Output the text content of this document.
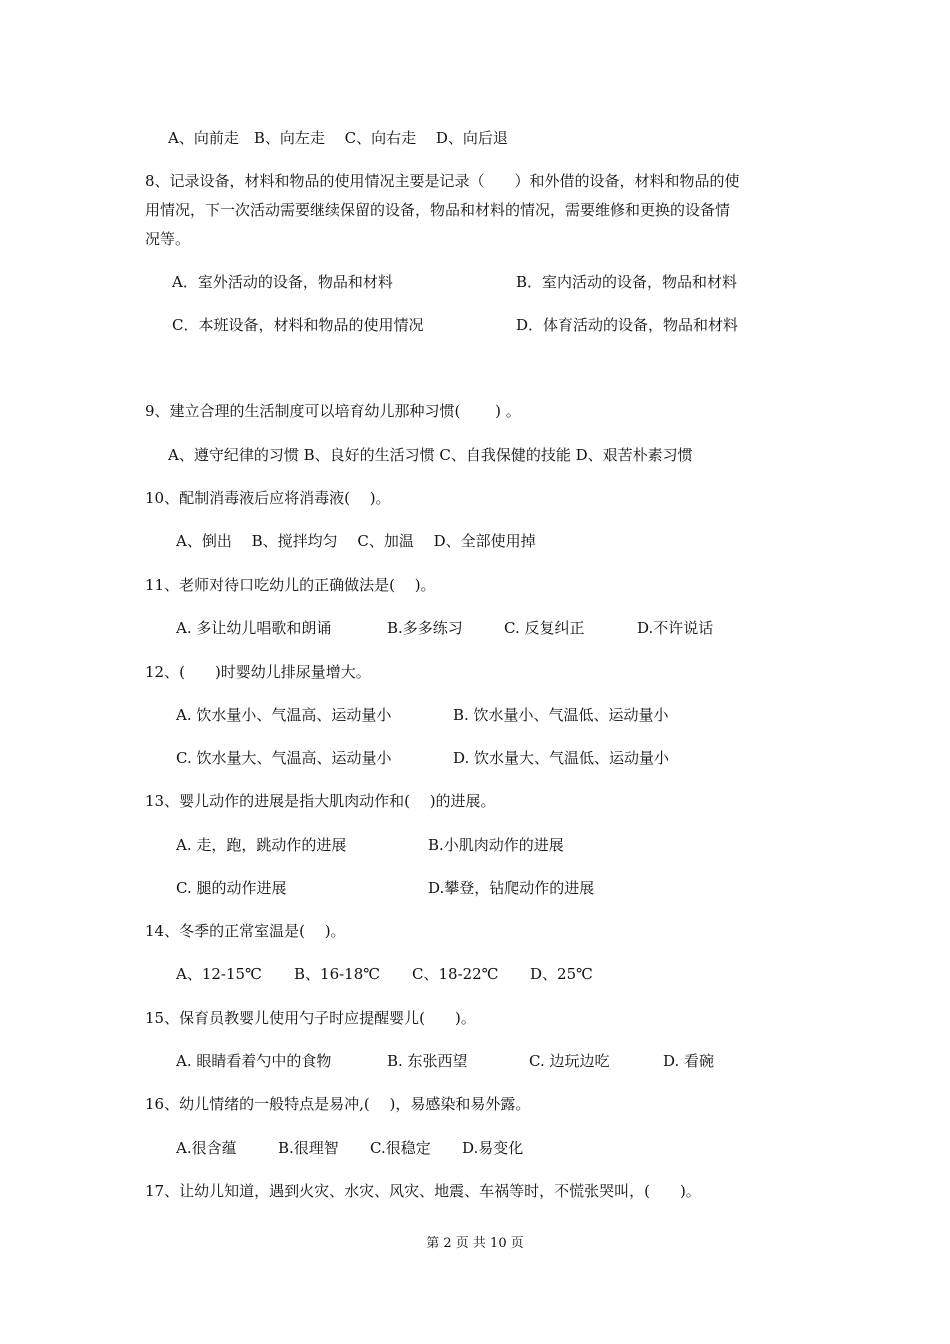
A、向前走　B、向左走　 C、向右走　 D、向后退
8、记录设备，材料和物品的使用情况主要是记录（　　）和外借的设备，材料和物品的使
用情况，下一次活动需要继续保留的设备，物品和材料的情况，需要维修和更换的设备情
况等。
A．室外活动的设备，物品和材料	B．室内活动的设备，物品和材料
C．本班设备，材料和物品的使用情况	D．体育活动的设备，物品和材料
9、建立合理的生活制度可以培育幼儿那种习惯(　　 ) 。
A、遵守纪律的习惯 B、良好的生活习惯 C、自我保健的技能 D、艰苦朴素习惯
10、配制消毒液后应将消毒液(　 )。
A、倒出　 B、搅拌均匀　 C、加温　 D、全部使用掉
11、老师对待口吃幼儿的正确做法是(　 )。
A. 多让幼儿唱歌和朗诵	B.多多练习	C. 反复纠正	D.不许说话
12、(　　)时婴幼儿排尿量增大。
A. 饮水量小、气温高、运动量小	B. 饮水量小、气温低、运动量小
C. 饮水量大、气温高、运动量小	D. 饮水量大、气温低、运动量小
13、婴儿动作的进展是指大肌肉动作和(　 )的进展。
A. 走，跑，跳动作的进展	B.小肌肉动作的进展
C. 腿的动作进展	D.攀登，钻爬动作的进展
14、冬季的正常室温是(　 )。
A、12-15℃ B、16-18℃ C、18-22℃ D、25℃
15、保育员教婴儿使用勺子时应提醒婴儿(　　)。
A. 眼睛看着勺中的食物	B. 东张西望	C. 边玩边吃	D. 看碗
16、幼儿情绪的一般特点是易冲,(　 )，易感染和易外露。
A.很含蕴	B.很理智 C.很稳定 D.易变化
17、让幼儿知道，遇到火灾、水灾、风灾、地震、车祸等时，不慌张哭叫，(　　)。
第 2 页 共 10 页
